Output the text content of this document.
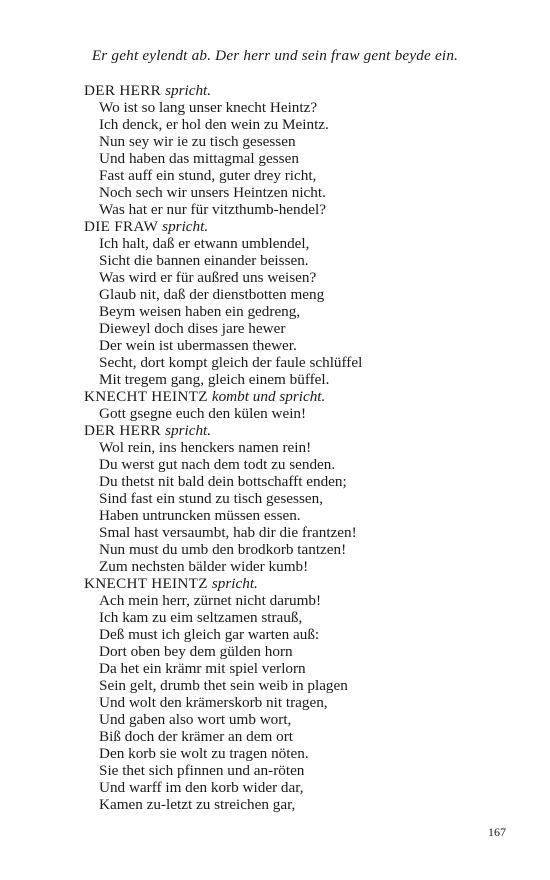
Er geht eylendt ab. Der herr und sein fraw gent beyde ein.
DER HERR spricht.
Wo ist so lang unser knecht Heintz?
Ich denck, er hol den wein zu Meintz.
Nun sey wir ie zu tisch gesessen
Und haben das mittagmal gessen
Fast auff ein stund, guter drey richt,
Noch sech wir unsers Heintzen nicht.
Was hat er nur für vitzthumb-hendel?
DIE FRAW spricht.
Ich halt, daß er etwann umblendel,
Sicht die bannen einander beissen.
Was wird er für außred uns weisen?
Glaub nit, daß der dienstbotten meng
Beym weisen haben ein gedreng,
Dieweyl doch dises jare hewer
Der wein ist ubermassen thewer.
Secht, dort kompt gleich der faule schlüffel
Mit tregem gang, gleich einem büffel.
KNECHT HEINTZ kombt und spricht.
Gott gsegne euch den külen wein!
DER HERR spricht.
Wol rein, ins henckers namen rein!
Du werst gut nach dem todt zu senden.
Du thetst nit bald dein bottschafft enden;
Sind fast ein stund zu tisch gesessen,
Haben untruncken müssen essen.
Smal hast versaumbt, hab dir die frantzen!
Nun must du umb den brodkorb tantzen!
Zum nechsten bälder wider kumb!
KNECHT HEINTZ spricht.
Ach mein herr, zürnet nicht darumb!
Ich kam zu eim seltzamen strauß,
Deß must ich gleich gar warten auß:
Dort oben bey dem gülden horn
Da het ein krämr mit spiel verlorn
Sein gelt, drumb thet sein weib in plagen
Und wolt den krämerskorb nit tragen,
Und gaben also wort umb wort,
Biß doch der krämer an dem ort
Den korb sie wolt zu tragen nöten.
Sie thet sich pfinnen und an-röten
Und warff im den korb wider dar,
Kamen zu-letzt zu streichen gar,
167
